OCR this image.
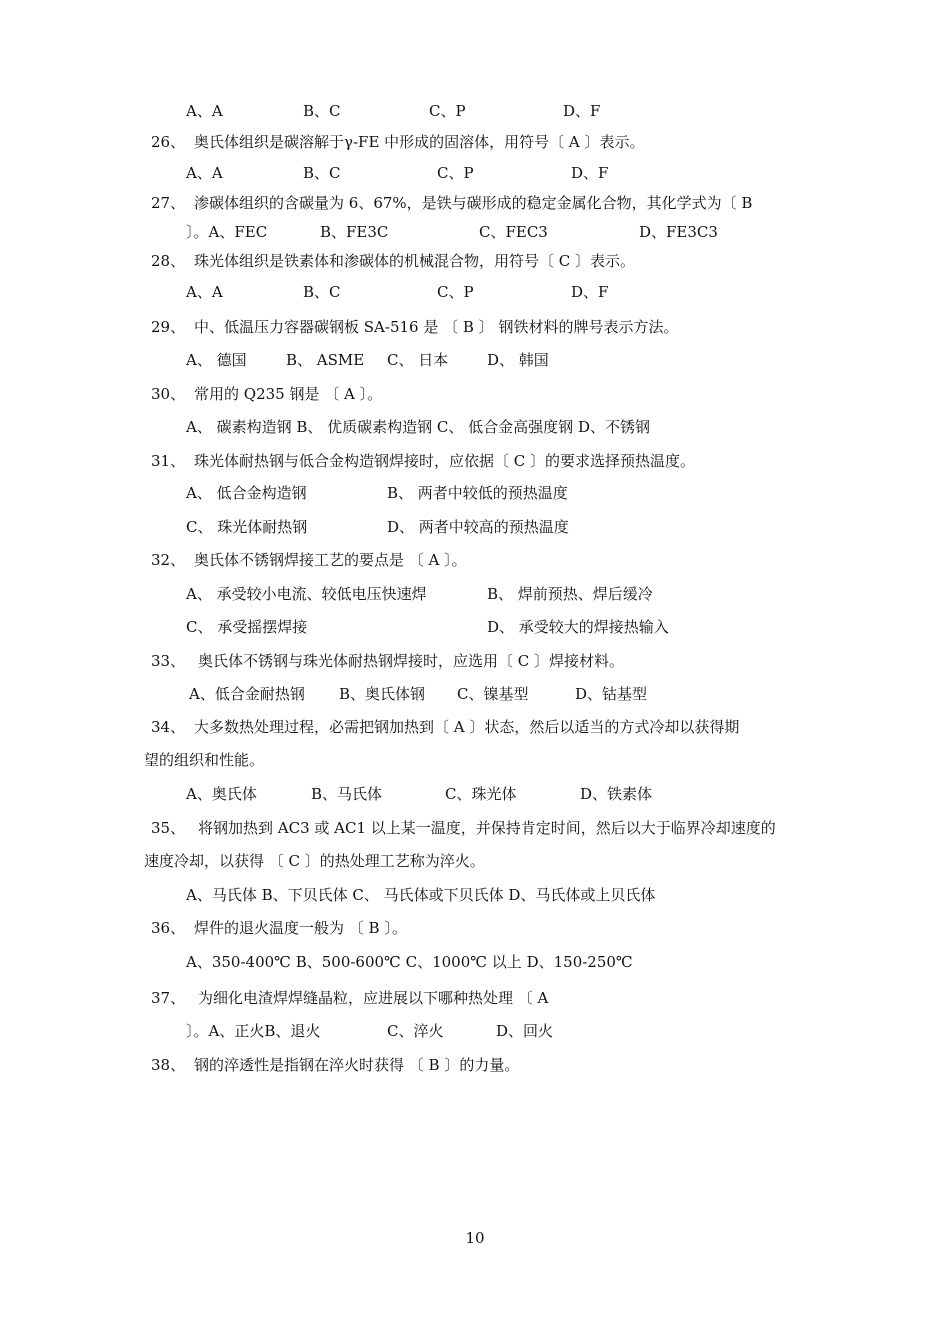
A、A	B、C	C、P	D、F
26、 奥氏体组织是碳溶解于γ-FE 中形成的固溶体，用符号〔 A 〕表示。
A、A	B、C	C、P	D、F
27、 渗碳体组织的含碳量为 6、67%，是铁与碳形成的稳定金属化合物，其化学式为〔 B
〕。A、FEC	B、FE3C	C、FEC3	D、FE3C3
28、 珠光体组织是铁素体和渗碳体的机械混合物，用符号〔 C 〕表示。
A、A	B、C	C、P	D、F
29、 中、低温压力容器碳钢板 SA-516 是 〔 B 〕 钢铁材料的牌号表示方法。
A、 德国	B、 ASME C、 日本	D、 韩国
30、 常用的 Q235 钢是 〔 A 〕。
A、 碳素构造钢 B、 优质碳素构造钢 C、 低合金高强度钢 D、不锈钢
31、 珠光体耐热钢与低合金构造钢焊接时，应依据〔 C 〕的要求选择预热温度。
A、 低合金构造钢	B、 两者中较低的预热温度
C、 珠光体耐热钢	D、 两者中较高的预热温度
32、 奥氏体不锈钢焊接工艺的要点是 〔 A 〕。
A、 承受较小电流、较低电压快速焊	B、 焊前预热、焊后缓冷
C、 承受摇摆焊接	D、 承受较大的焊接热输入
33、 奥氏体不锈钢与珠光体耐热钢焊接时，应选用〔 C 〕焊接材料。
A、低合金耐热钢 B、奥氏体钢 C、镍基型	D、钴基型
34、 大多数热处理过程，必需把钢加热到〔 A 〕状态，然后以适当的方式冷却以获得期
望的组织和性能。
A、奥氏体	B、马氏体	C、珠光体	D、铁素体
35、 将钢加热到 AC3 或 AC1 以上某一温度，并保持肯定时间，然后以大于临界冷却速度的
速度冷却，以获得 〔 C 〕的热处理工艺称为淬火。
A、马氏体 B、下贝氏体 C、 马氏体或下贝氏体 D、马氏体或上贝氏体
36、 焊件的退火温度一般为 〔 B 〕。
A、350-400℃ B、500-600℃ C、1000℃ 以上 D、150-250℃
37、 为细化电渣焊焊缝晶粒，应进展以下哪种热处理 〔 A
〕。A、正火B、退火	C、淬火	D、回火
38、 钢的淬透性是指钢在淬火时获得 〔 B 〕的力量。
10
